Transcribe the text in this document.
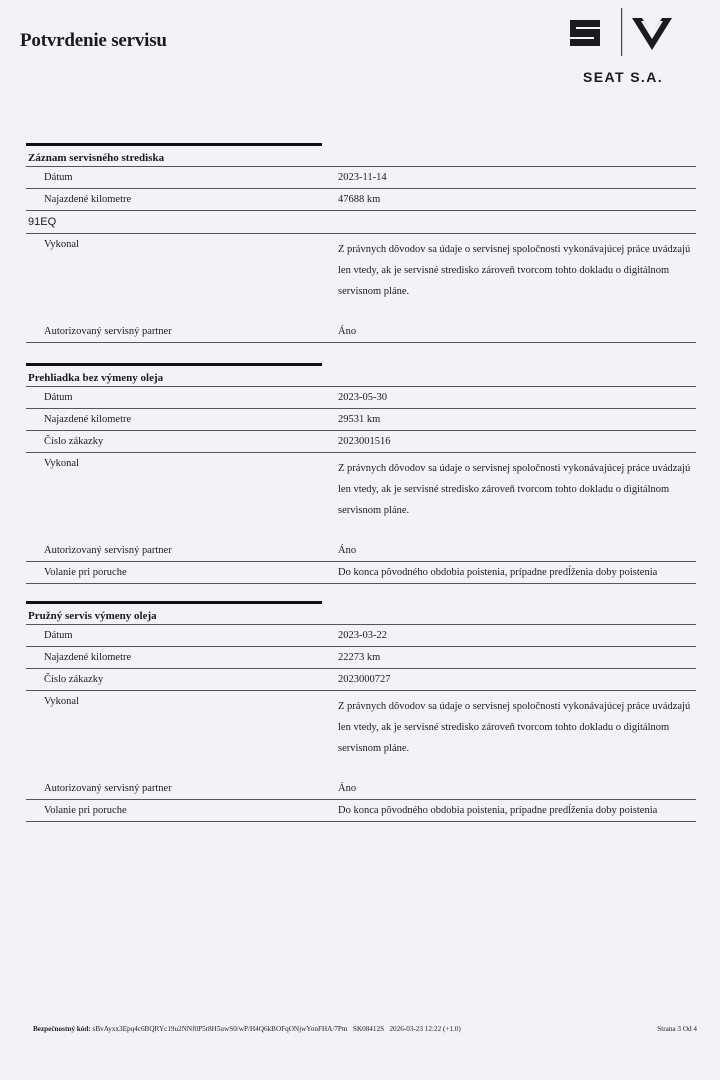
Potvrdenie servisu
SEAT S.A.
Záznam servisného strediska
Dátum	2023-11-14
Najazdené kilometre	47688 km
91EQ
Vykonal	Z právnych dôvodov sa údaje o servisnej spoločnosti vykonávajúcej práce uvádzajú len vtedy, ak je servisné stredisko zároveň tvorcom tohto dokladu o digitálnom servisnom pláne.
Autorizovaný servisný partner	Áno
Prehliadka bez výmeny oleja
Dátum	2023-05-30
Najazdené kilometre	29531 km
Číslo zákazky	2023001516
Vykonal	Z právnych dôvodov sa údaje o servisnej spoločnosti vykonávajúcej práce uvádzajú len vtedy, ak je servisné stredisko zároveň tvorcom tohto dokladu o digitálnom servisnom pláne.
Autorizovaný servisný partner	Áno
Volanie pri poruche	Do konca pôvodného obdobia poistenia, prípadne predĺženia doby poistenia
Pružný servis výmeny oleja
Dátum	2023-03-22
Najazdené kilometre	22273 km
Číslo zákazky	2023000727
Vykonal	Z právnych dôvodov sa údaje o servisnej spoločnosti vykonávajúcej práce uvádzajú len vtedy, ak je servisné stredisko zároveň tvorcom tohto dokladu o digitálnom servisnom pláne.
Autorizovaný servisný partner	Áno
Volanie pri poruche	Do konca pôvodného obdobia poistenia, prípadne predĺženia doby poistenia
Bezpečnostný kód: sBvAyxx3Epq4c6BQRYc19u2NNf0P5r8H5uwS0/wP/H4Q6kBOFqONjwYonFHA/7Pm SK08412S 2026-03-23 12:22 (+1.0)	Strana 3 Od 4
